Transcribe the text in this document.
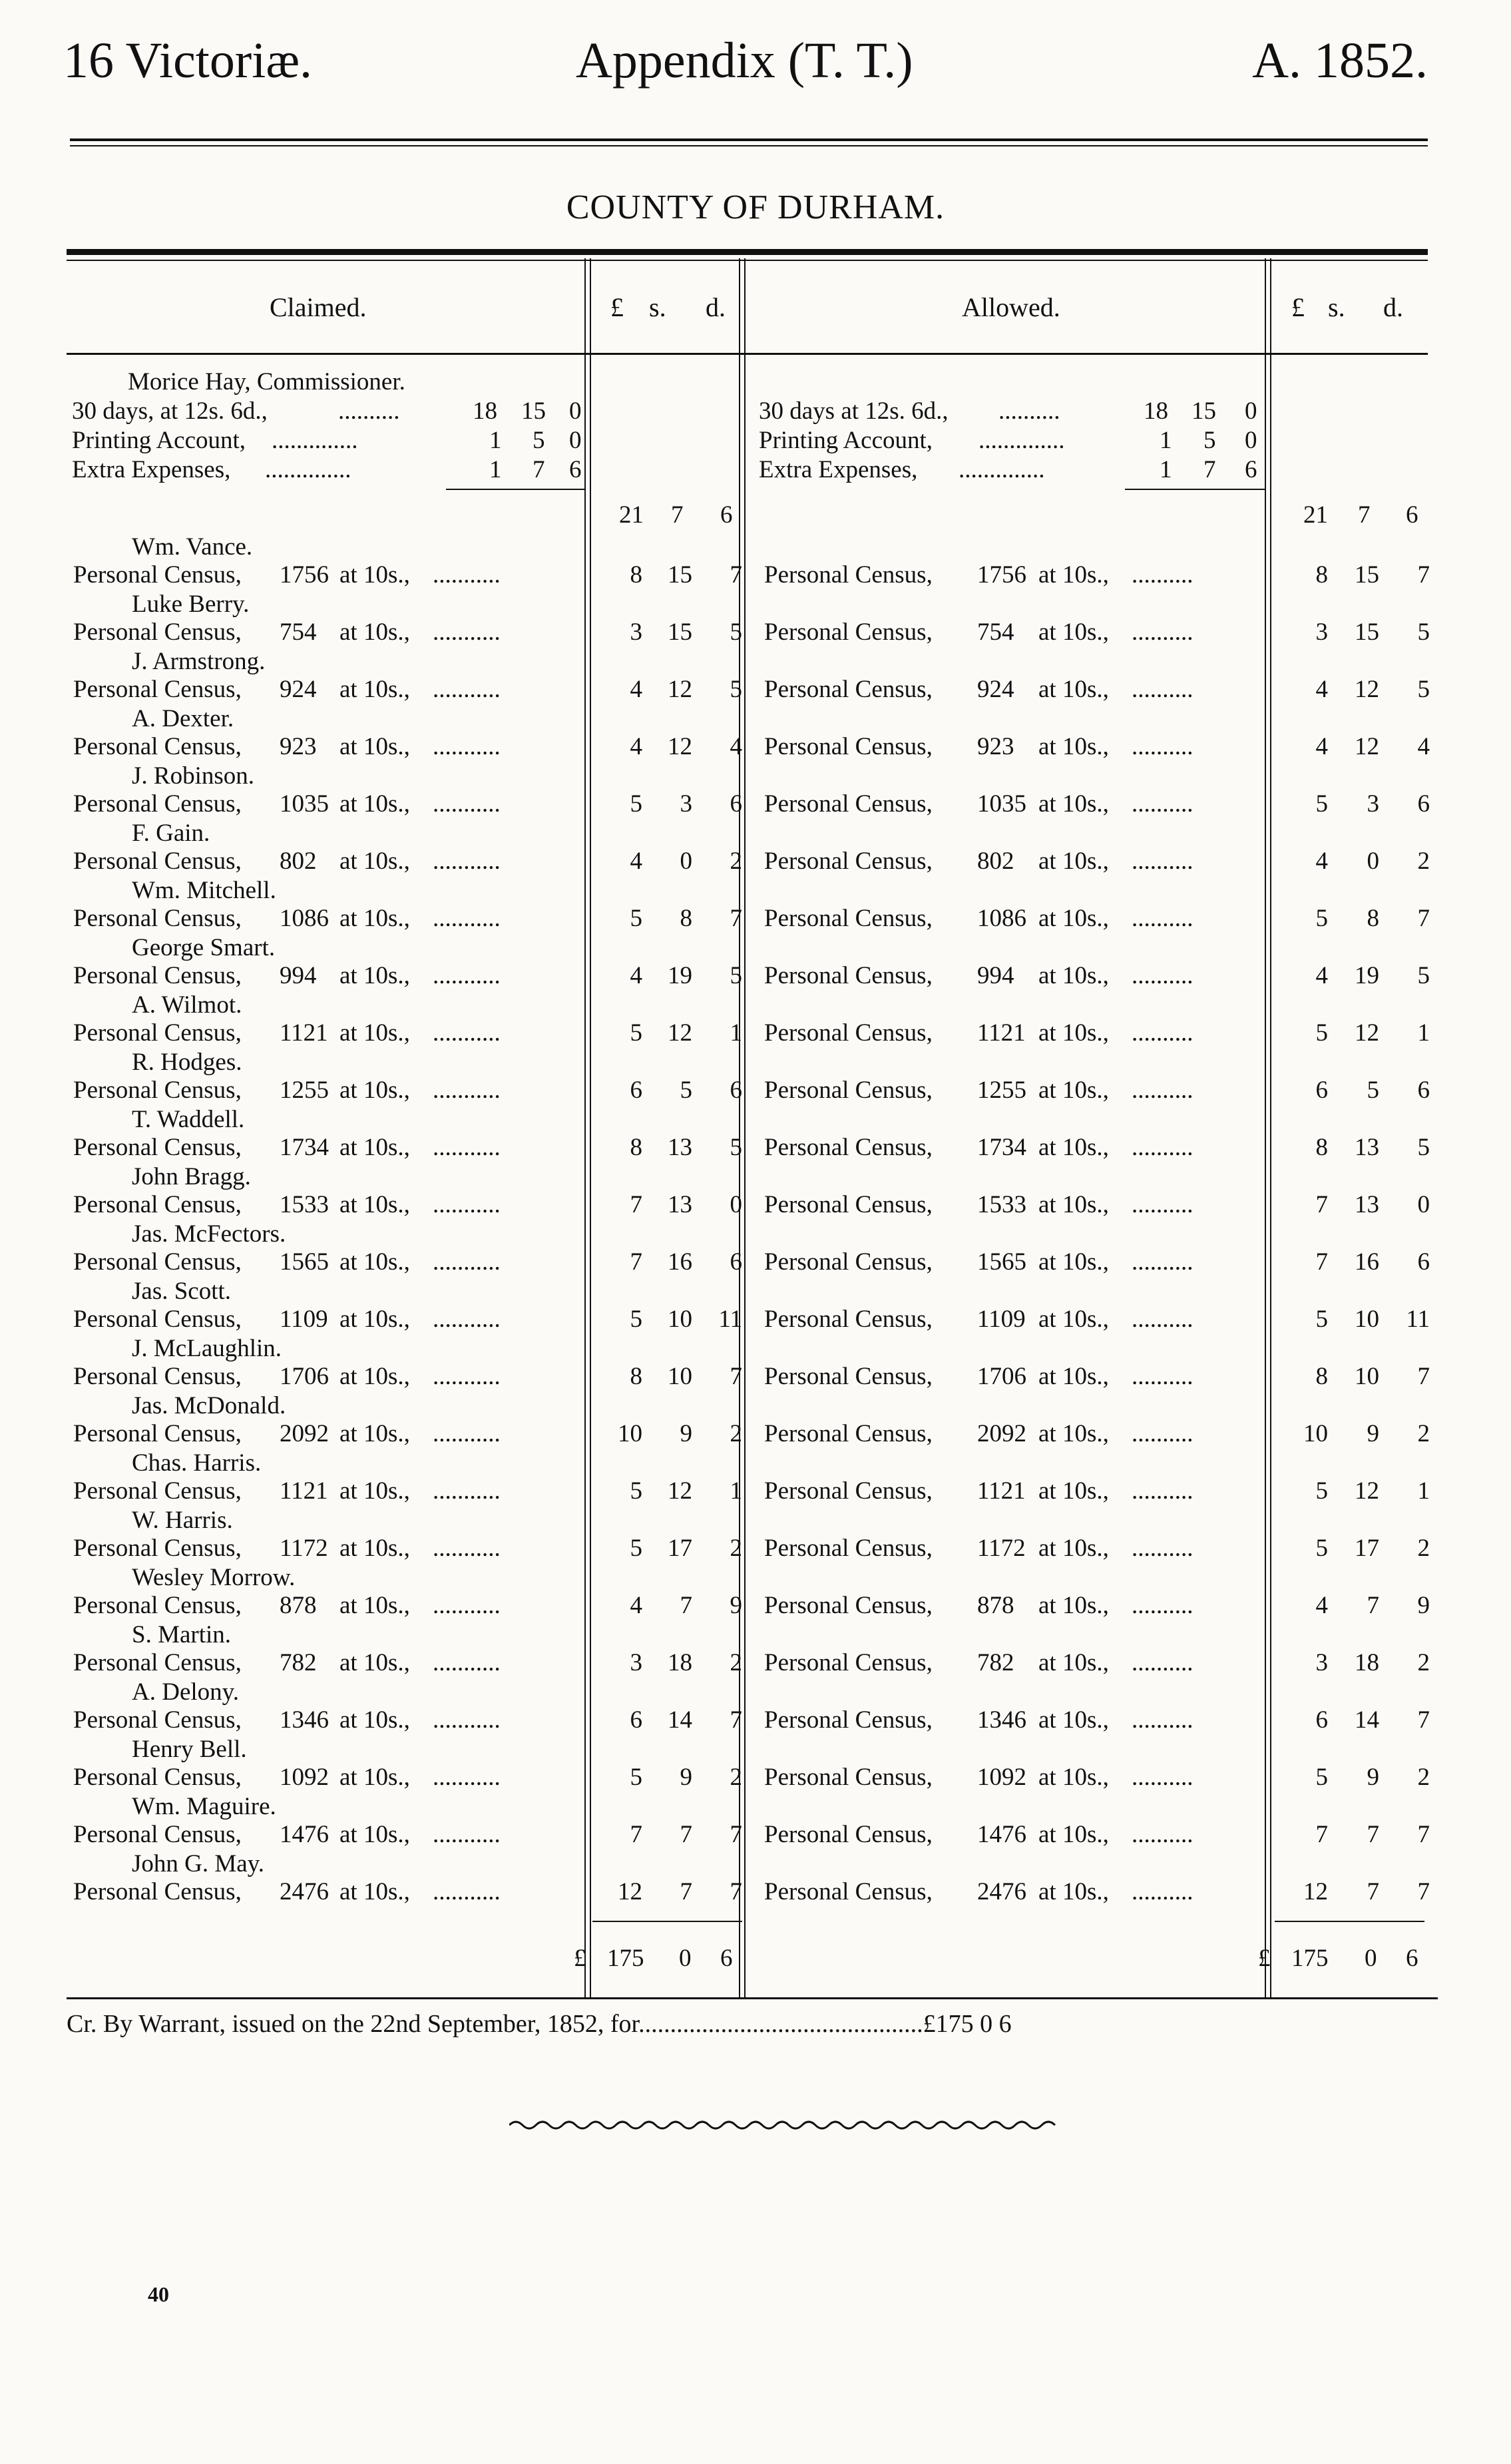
16 Victoriæ.	Appendix (T. T.)	A. 1852.
COUNTY OF DURHAM.
Claimed.	£ s. d.	Allowed.	£ s. d.
Morice Hay, Commissioner.
30 days, at 12s. 6d.,	..........	18 15 0	30 days at 12s. 6d., ..........	18 15 0
Printing Account, ..............	1 5 0	Printing Account, ..............	1 5 0
Extra Expenses, ..............	1 7 6	Extra Expenses, ..............	1 7 6
21 7 6	21 7 6
Wm. Vance.
Personal Census, 1756 at 10s., ...........	8	15	7 Personal Census, 1756 at 10s., ..........	8	15	7
Luke Berry.
Personal Census, 754 at 10s., ...........	3	15	5 Personal Census, 754 at 10s., ..........	3	15	5
J. Armstrong.
Personal Census, 924 at 10s., ...........	4	12	5 Personal Census, 924 at 10s., ..........	4	12	5
A. Dexter.
Personal Census, 923 at 10s., ...........	4	12	4 Personal Census, 923 at 10s., ..........	4	12	4
J. Robinson.
Personal Census, 1035 at 10s., ...........	5	3	6 Personal Census, 1035 at 10s., ..........	5	3	6
F. Gain.
Personal Census, 802 at 10s., ...........	4	0	2 Personal Census, 802 at 10s., ..........	4	0	2
Wm. Mitchell.
Personal Census, 1086 at 10s., ...........	5	8	7 Personal Census, 1086 at 10s., ..........	5	8	7
George Smart.
Personal Census, 994 at 10s., ...........	4	19	5 Personal Census, 994 at 10s., ..........	4	19	5
A. Wilmot.
Personal Census, 1121 at 10s., ...........	5	12	1 Personal Census, 1121 at 10s., ..........	5	12	1
R. Hodges.
Personal Census, 1255 at 10s., ...........	6	5	6 Personal Census, 1255 at 10s., ..........	6	5	6
T. Waddell.
Personal Census, 1734 at 10s., ...........	8	13	5 Personal Census, 1734 at 10s., ..........	8	13	5
John Bragg.
Personal Census, 1533 at 10s., ...........	7	13	0 Personal Census, 1533 at 10s., ..........	7	13	0
Jas. McFectors.
Personal Census, 1565 at 10s., ...........	7	16	6 Personal Census, 1565 at 10s., ..........	7	16	6
Jas. Scott.
Personal Census, 1109 at 10s., ...........	5	10	11 Personal Census, 1109 at 10s., ..........	5	10	11
J. McLaughlin.
Personal Census, 1706 at 10s., ...........	8	10	7 Personal Census, 1706 at 10s., ..........	8	10	7
Jas. McDonald.
Personal Census, 2092 at 10s., ...........	10	9	2 Personal Census, 2092 at 10s., ..........	10	9	2
Chas. Harris.
Personal Census, 1121 at 10s., ...........	5	12	1 Personal Census, 1121 at 10s., ..........	5	12	1
W. Harris.
Personal Census, 1172 at 10s., ...........	5	17	2 Personal Census, 1172 at 10s., ..........	5	17	2
Wesley Morrow.
Personal Census, 878 at 10s., ...........	4	7	9 Personal Census, 878 at 10s., ..........	4	7	9
S. Martin.
Personal Census, 782 at 10s., ...........	3	18	2 Personal Census, 782 at 10s., ..........	3	18	2
A. Delony.
Personal Census, 1346 at 10s., ...........	6	14	7 Personal Census, 1346 at 10s., ..........	6	14	7
Henry Bell.
Personal Census, 1092 at 10s., ...........	5	9	2 Personal Census, 1092 at 10s., ..........	5	9	2
Wm. Maguire.
Personal Census, 1476 at 10s., ...........	7	7	7 Personal Census, 1476 at 10s., ..........	7	7	7
John G. May.
Personal Census, 2476 at 10s., ...........	12	7	7 Personal Census, 2476 at 10s., ..........	12	7	7
£ 175 0 6	£ 175 0 6
Cr. By Warrant, issued on the 22nd September, 1852, for.............................................£175 0 6
40
